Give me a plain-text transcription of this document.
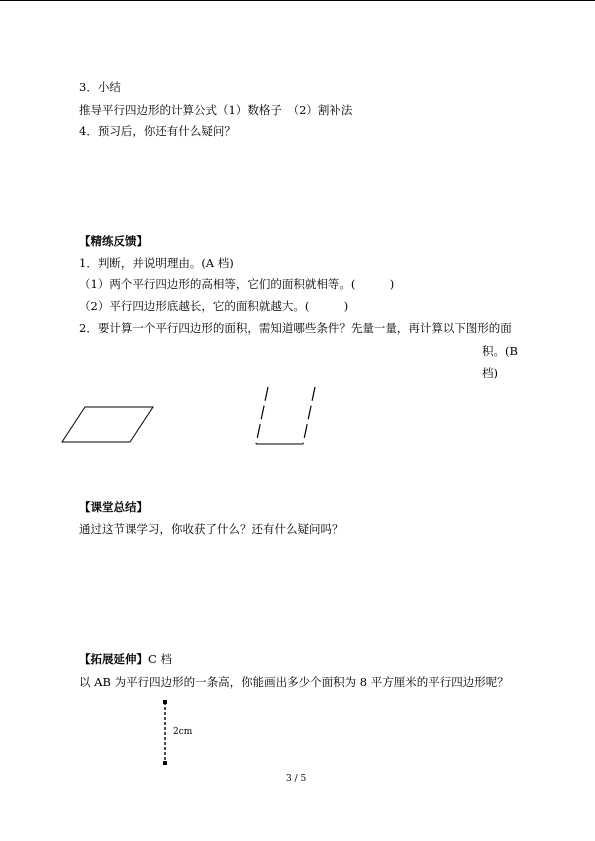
3．小结
推导平行四边形的计算公式（1）数格子　（2）割补法
4．预习后，你还有什么疑问？
【精练反馈】
1．判断，并说明理由。(A 档)
（1）两个平行四边形的高相等，它们的面积就相等。(　　　)
（2）平行四边形底越长，它的面积就越大。(　　　)
2．要计算一个平行四边形的面积，需知道哪些条件？先量一量，再计算以下图形的面
积。(B
档)
【课堂总结】
通过这节课学习，你收获了什么？还有什么疑问吗？
【拓展延伸】C 档
以 AB 为平行四边形的一条高，你能画出多少个面积为 8 平方厘米的平行四边形呢？
2cm
3 / 5
